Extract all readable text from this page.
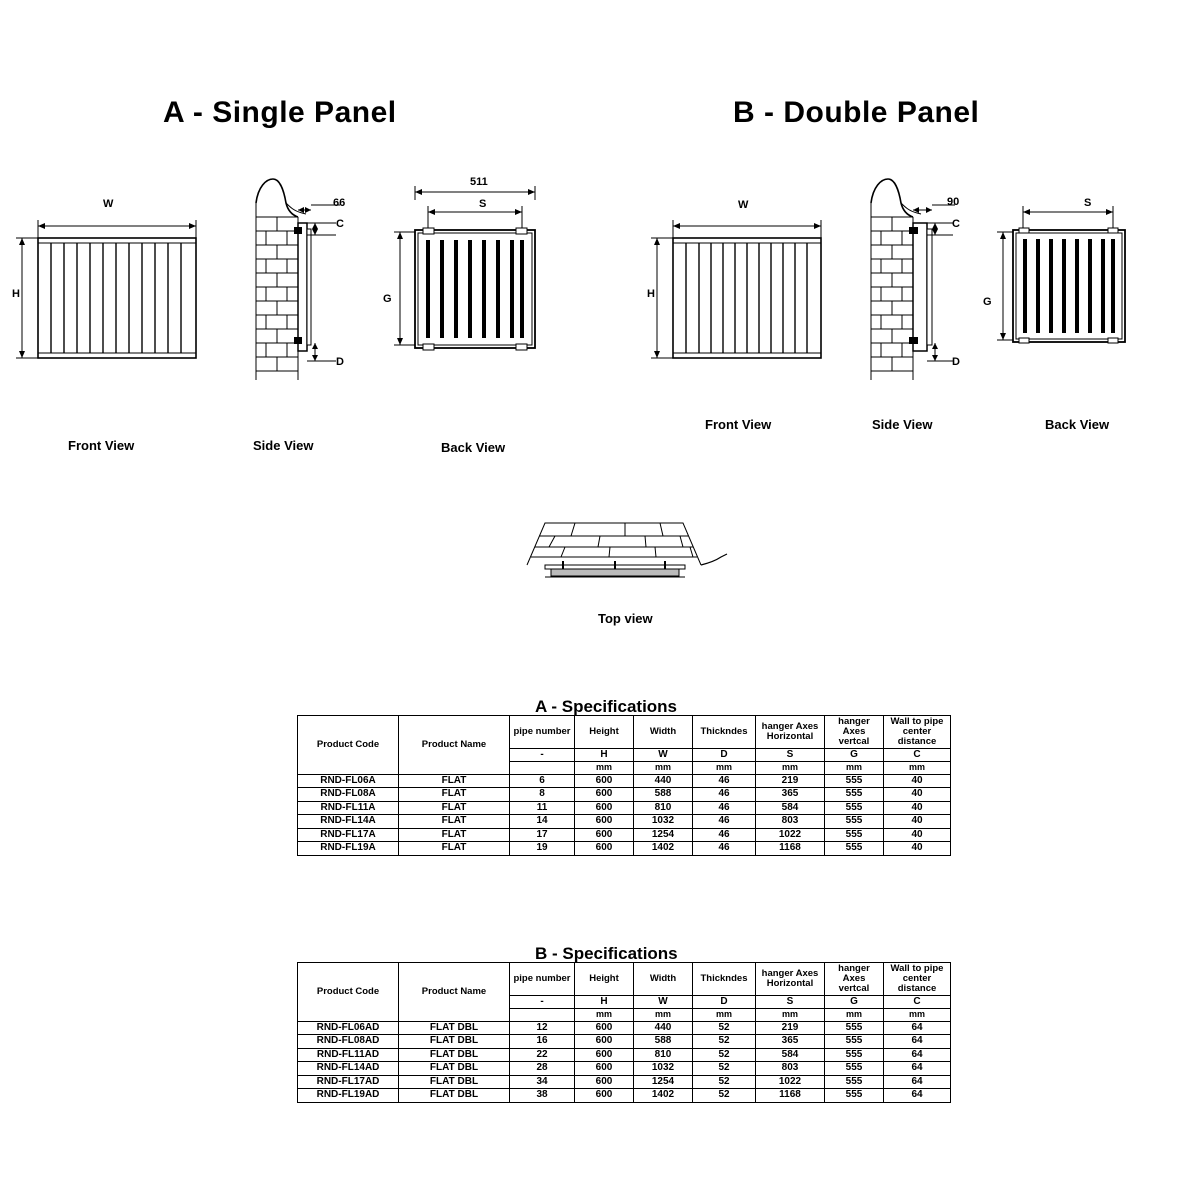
A - Single Panel	B - Double Panel
W
H
Front View
66
C
D
Side View
511
S
G
Back View
W
H
Front View
90
C
D
Side View
S
G
Back View
Top view
A - Specifications
Product Code	Product Name	pipe number	Height	Width	Thickndes	hanger Axes Horizontal	hanger Axes vertcal	Wall to pipe center distance
		-	H	W	D	S	G	C
			mm	mm	mm	mm	mm	mm
RND-FL06A	FLAT	6	600	440	46	219	555	40
RND-FL08A	FLAT	8	600	588	46	365	555	40
RND-FL11A	FLAT	11	600	810	46	584	555	40
RND-FL14A	FLAT	14	600	1032	46	803	555	40
RND-FL17A	FLAT	17	600	1254	46	1022	555	40
RND-FL19A	FLAT	19	600	1402	46	1168	555	40
B - Specifications
Product Code	Product Name	pipe number	Height	Width	Thickndes	hanger Axes Horizontal	hanger Axes vertcal	Wall to pipe center distance
		-	H	W	D	S	G	C
			mm	mm	mm	mm	mm	mm
RND-FL06AD	FLAT DBL	12	600	440	52	219	555	64
RND-FL08AD	FLAT DBL	16	600	588	52	365	555	64
RND-FL11AD	FLAT DBL	22	600	810	52	584	555	64
RND-FL14AD	FLAT DBL	28	600	1032	52	803	555	64
RND-FL17AD	FLAT DBL	34	600	1254	52	1022	555	64
RND-FL19AD	FLAT DBL	38	600	1402	52	1168	555	64
